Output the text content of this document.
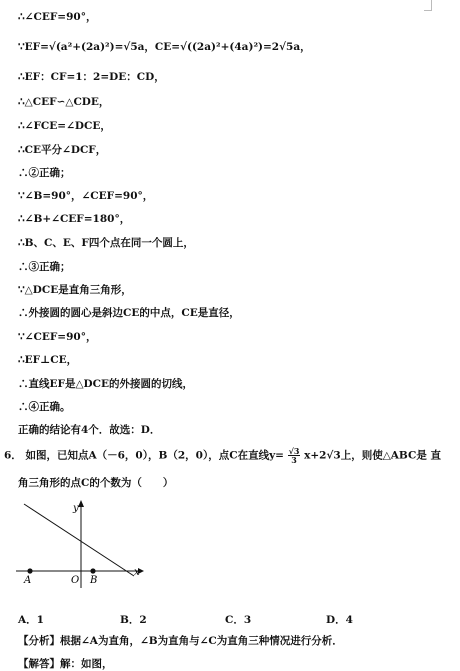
∴∠CEF=90°，
∵EF=√(a²+(2a)²)=√5a，CE=√((2a)²+(4a)²)=2√5a，
∴EF：CF=1：2=DE：CD，
∴△CEF∽△CDE，
∴∠FCE=∠DCE，
∴CE平分∠DCF，
∴②正确；
∵∠B=90°，∠CEF=90°，
∴∠B+∠CEF=180°，
∴B、C、E、F四个点在同一个圆上，
∴③正确；
∵△DCE是直角三角形，
∴外接圆的圆心是斜边CE的中点，CE是直径，
∵∠CEF=90°，
∴EF⊥CE，
∴直线EF是△DCE的外接圆的切线，
∴④正确。
正确的结论有4个．故选：D．
6． 如图，已知点A（－6，0），B（2，0），点C在直线$y= \frac{√3}{3} x+2√3$上，则使△ABC是 直
角三角形的点C的个数为（　　）
y
x
O
A	B
A．1	B．2	C．3	D．4
【分析】根据∠A为直角，∠B为直角与∠C为直角三种情况进行分析．
【解答】解：如图，
